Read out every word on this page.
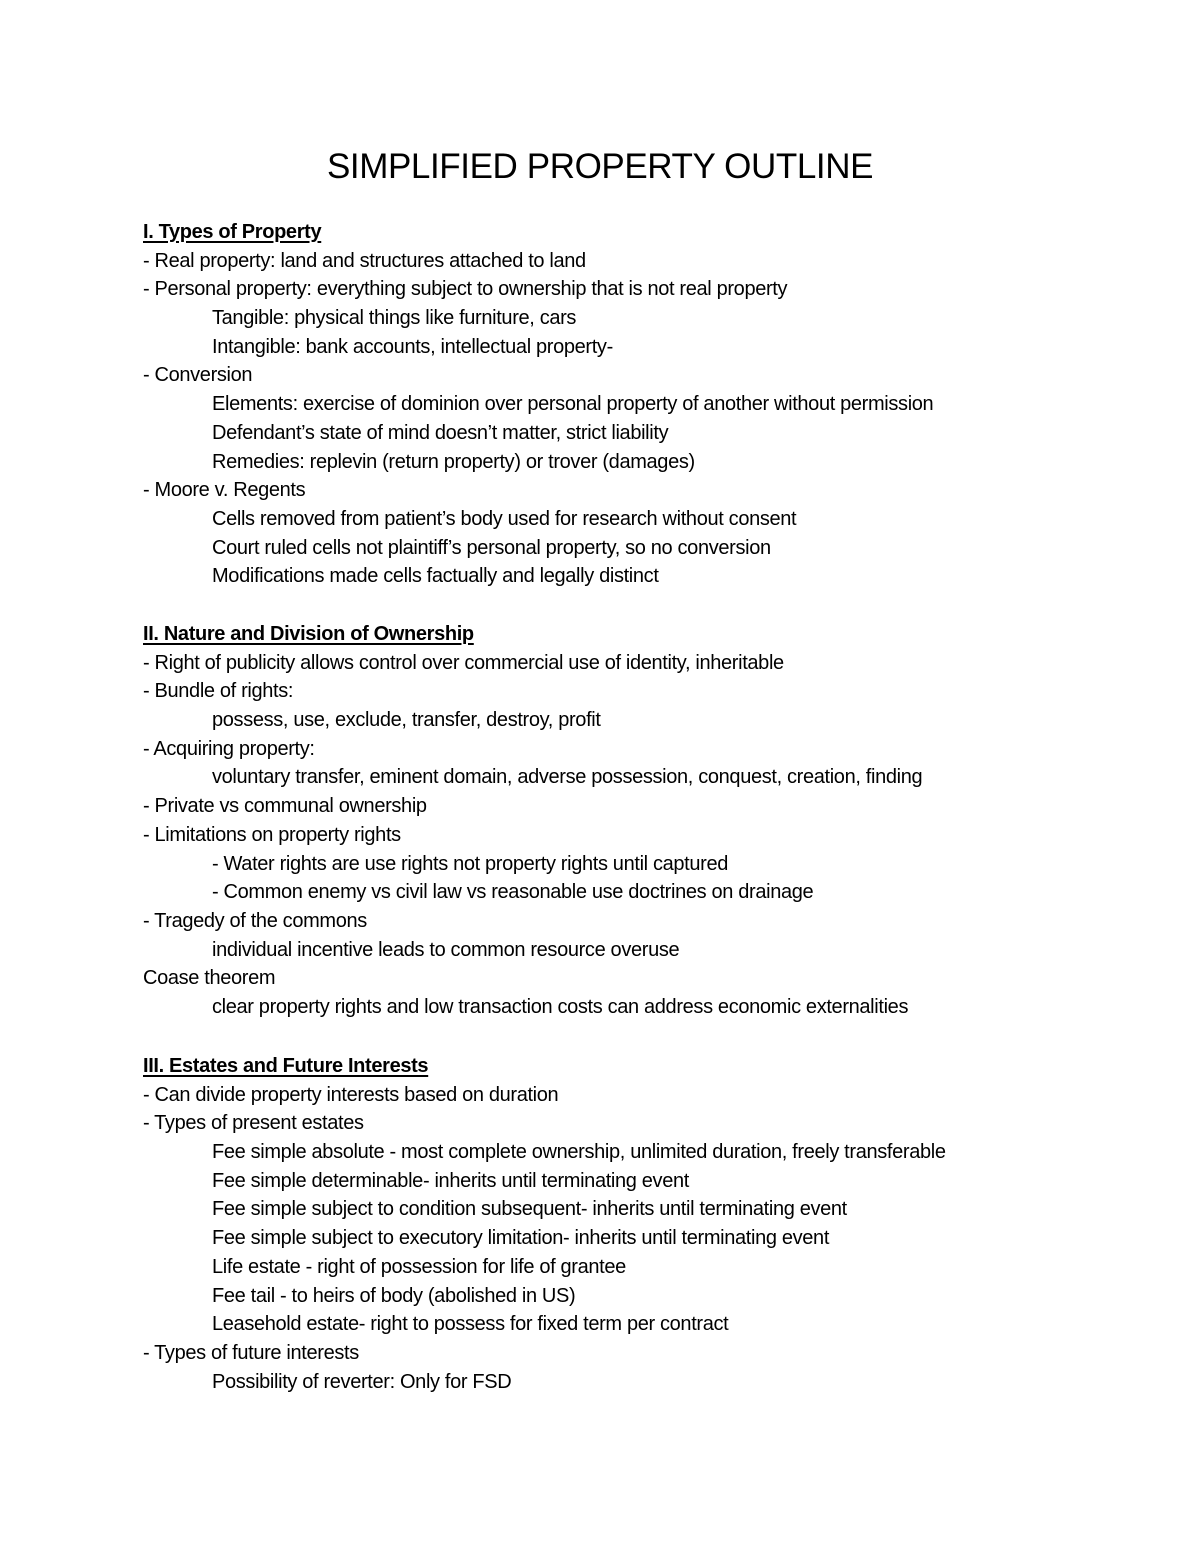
SIMPLIFIED PROPERTY OUTLINE
I. Types of Property
- Real property: land and structures attached to land
- Personal property: everything subject to ownership that is not real property
Tangible: physical things like furniture, cars
Intangible: bank accounts, intellectual property-
- Conversion
Elements: exercise of dominion over personal property of another without permission
Defendant’s state of mind doesn’t matter, strict liability
Remedies: replevin (return property) or trover (damages)
- Moore v. Regents
Cells removed from patient’s body used for research without consent
Court ruled cells not plaintiff’s personal property, so no conversion
Modifications made cells factually and legally distinct
II. Nature and Division of Ownership
- Right of publicity allows control over commercial use of identity, inheritable
- Bundle of rights:
possess, use, exclude, transfer, destroy, profit
- Acquiring property:
voluntary transfer, eminent domain, adverse possession, conquest, creation, finding
- Private vs communal ownership
- Limitations on property rights
- Water rights are use rights not property rights until captured
- Common enemy vs civil law vs reasonable use doctrines on drainage
- Tragedy of the commons
individual incentive leads to common resource overuse
Coase theorem
clear property rights and low transaction costs can address economic externalities
III. Estates and Future Interests
- Can divide property interests based on duration
- Types of present estates
Fee simple absolute - most complete ownership, unlimited duration, freely transferable
Fee simple determinable- inherits until terminating event
Fee simple subject to condition subsequent- inherits until terminating event
Fee simple subject to executory limitation- inherits until terminating event
Life estate - right of possession for life of grantee
Fee tail - to heirs of body (abolished in US)
Leasehold estate- right to possess for fixed term per contract
- Types of future interests
Possibility of reverter: Only for FSD
